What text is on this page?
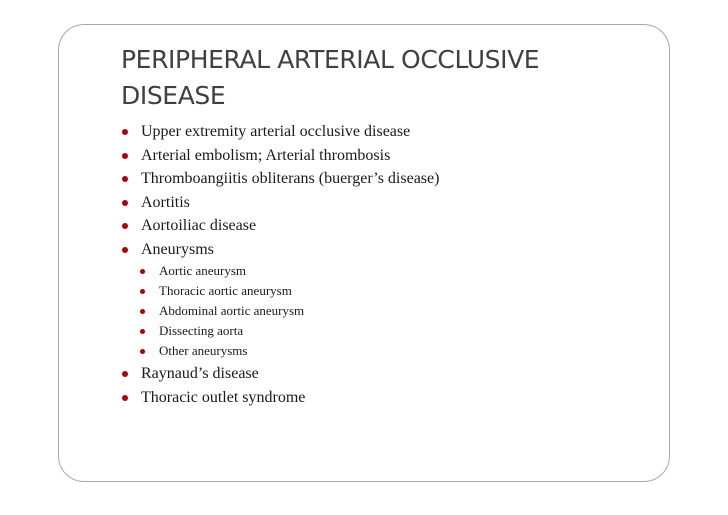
PERIPHERAL ARTERIAL OCCLUSIVE DISEASE
Upper extremity arterial occlusive disease
Arterial embolism; Arterial thrombosis
Thromboangiitis obliterans (buerger’s disease)
Aortitis
Aortoiliac disease
Aneurysms
Aortic aneurysm
Thoracic aortic aneurysm
Abdominal aortic aneurysm
Dissecting aorta
Other aneurysms
Raynaud’s disease
Thoracic outlet syndrome
